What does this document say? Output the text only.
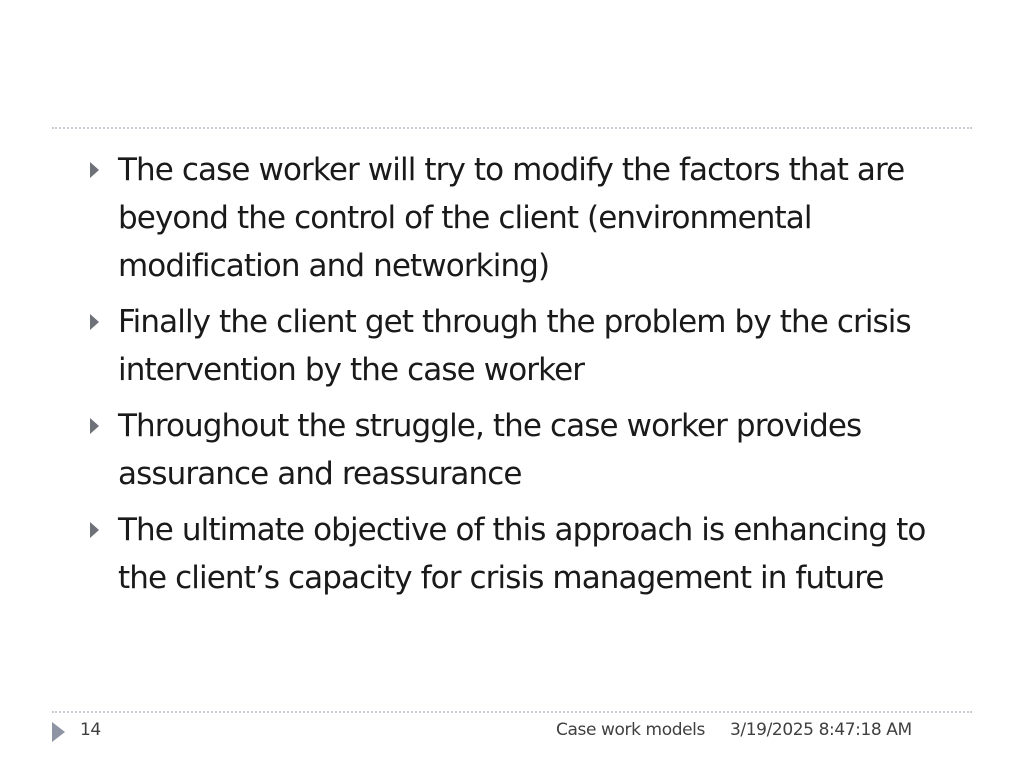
The case worker will try to modify the factors that are beyond the control of the client (environmental modification and networking)
Finally the client get through the problem by the crisis intervention by the case worker
Throughout the struggle, the case worker provides assurance and reassurance
The ultimate objective of this approach is enhancing to the client’s capacity for crisis management in future
14	Case work models 3/19/2025 8:47:18 AM
